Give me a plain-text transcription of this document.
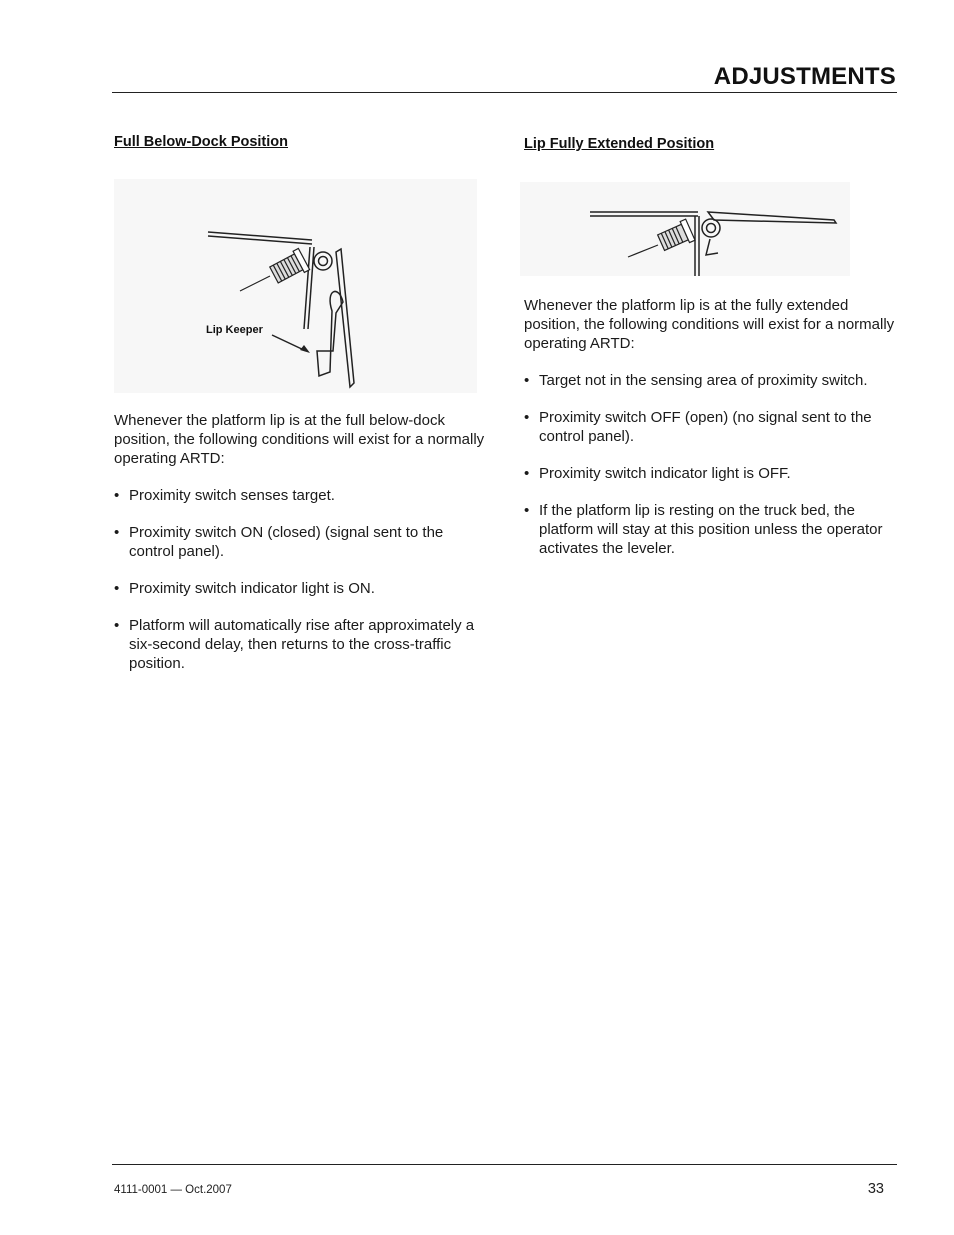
ADJUSTMENTS
Full Below-Dock Position
Lip Keeper

Whenever the platform lip is at the full below-dock position, the following conditions will exist for a normally operating ARTD:

• Proximity switch senses target.
• Proximity switch ON (closed) (signal sent to the control panel).
• Proximity switch indicator light is ON.
• Platform will automatically rise after approximately a six-second delay, then returns to the cross-traffic position.
Lip Fully Extended Position

Whenever the platform lip is at the fully extended position, the following conditions will exist for a normally operating ARTD:

• Target not in the sensing area of proximity switch.
• Proximity switch OFF (open) (no signal sent to the control panel).
• Proximity switch indicator light is OFF.
• If the platform lip is resting on the truck bed, the platform will stay at this position unless the operator activates the leveler.
4111-0001 — Oct.2007	33
